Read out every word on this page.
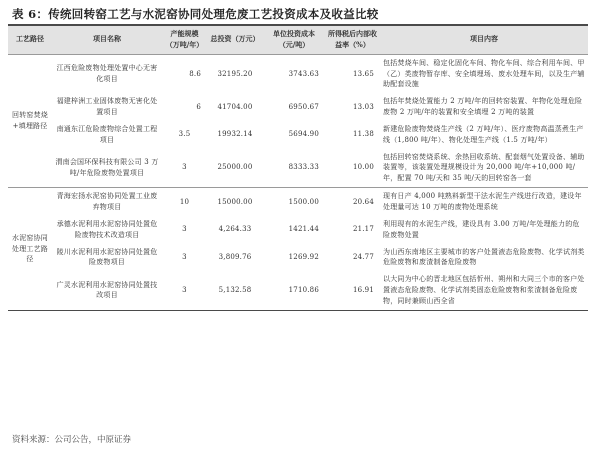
表 6：传统回转窑工艺与水泥窑协同处理危废工艺投资成本及收益比较
工艺路径	项目名称	产能规模（万吨/年）	总投资（万元）	单位投资成本（元/吨）	所得税后内部收益率（%）	项目内容
回转窑焚烧+填埋路径	江西危险废物处理处置中心无害化项目	8.6	32195.20	3743.63	13.65	包括焚烧车间、稳定化固化车间、物化车间、综合利用车间、甲（乙）类废物暂存库、安全填埋场、废水处理车间，以及生产辅助配套设施
	福建梓洲工业固体废物无害化处置项目	6	41704.00	6950.67	13.03	包括年焚烧处置能力 2 万吨/年的回转窑装置、年物化处理危险废物 2 万吨/年的装置和安全填埋 2 万吨的装置
	南通东江危险废物综合处置工程项目	3.5	19932.14	5694.90	11.38	新建危险废物焚烧生产线（2 万吨/年）、医疗废物高温蒸煮生产线（1,800 吨/年）、物化处理生产线（1.5 万吨/年）
	渭南会国环保科技有限公司 3 万吨/年危险废物处置项目	3	25000.00	8333.33	10.00	包括回转窑焚烧系统、余热回收系统、配套烟气处置设备、辅助装置等，该装置处理规模设计为 20,000 吨/年+10,000 吨/年，配置 70 吨/天和 35 吨/天的回转窑各一套
水泥窑协同处理工艺路径	青海宏扬水泥窑协同处置工业废弃物项目	10	15000.00	1500.00	20.64	现有日产 4,000 吨熟料新型干法水泥生产线进行改造，建设年处理量可达 10 万吨的废物处理系统
	承德水泥利用水泥窑协同处置危险废物技术改造项目	3	4,264.33	1421.44	21.17	利用现有的水泥生产线，建设具有 3.00 万吨/年处理能力的危险废物处置
	陵川水泥利用水泥窑协同处置危险废物项目	3	3,809.76	1269.92	24.77	为山西东南地区主要城市的客户处置液态危险废物、化学试剂类危险废物和废渣制备危险废物
	广灵水泥利用水泥窑协同处置技改项目	3	5,132.58	1710.86	16.91	以大同为中心的晋北地区包括忻州、朔州和大同三个市的客户处置液态危险废物、化学试剂类固态危险废物和浆渣制备危险废物，同时兼顾山西全省
资料来源：公司公告，中原证券
